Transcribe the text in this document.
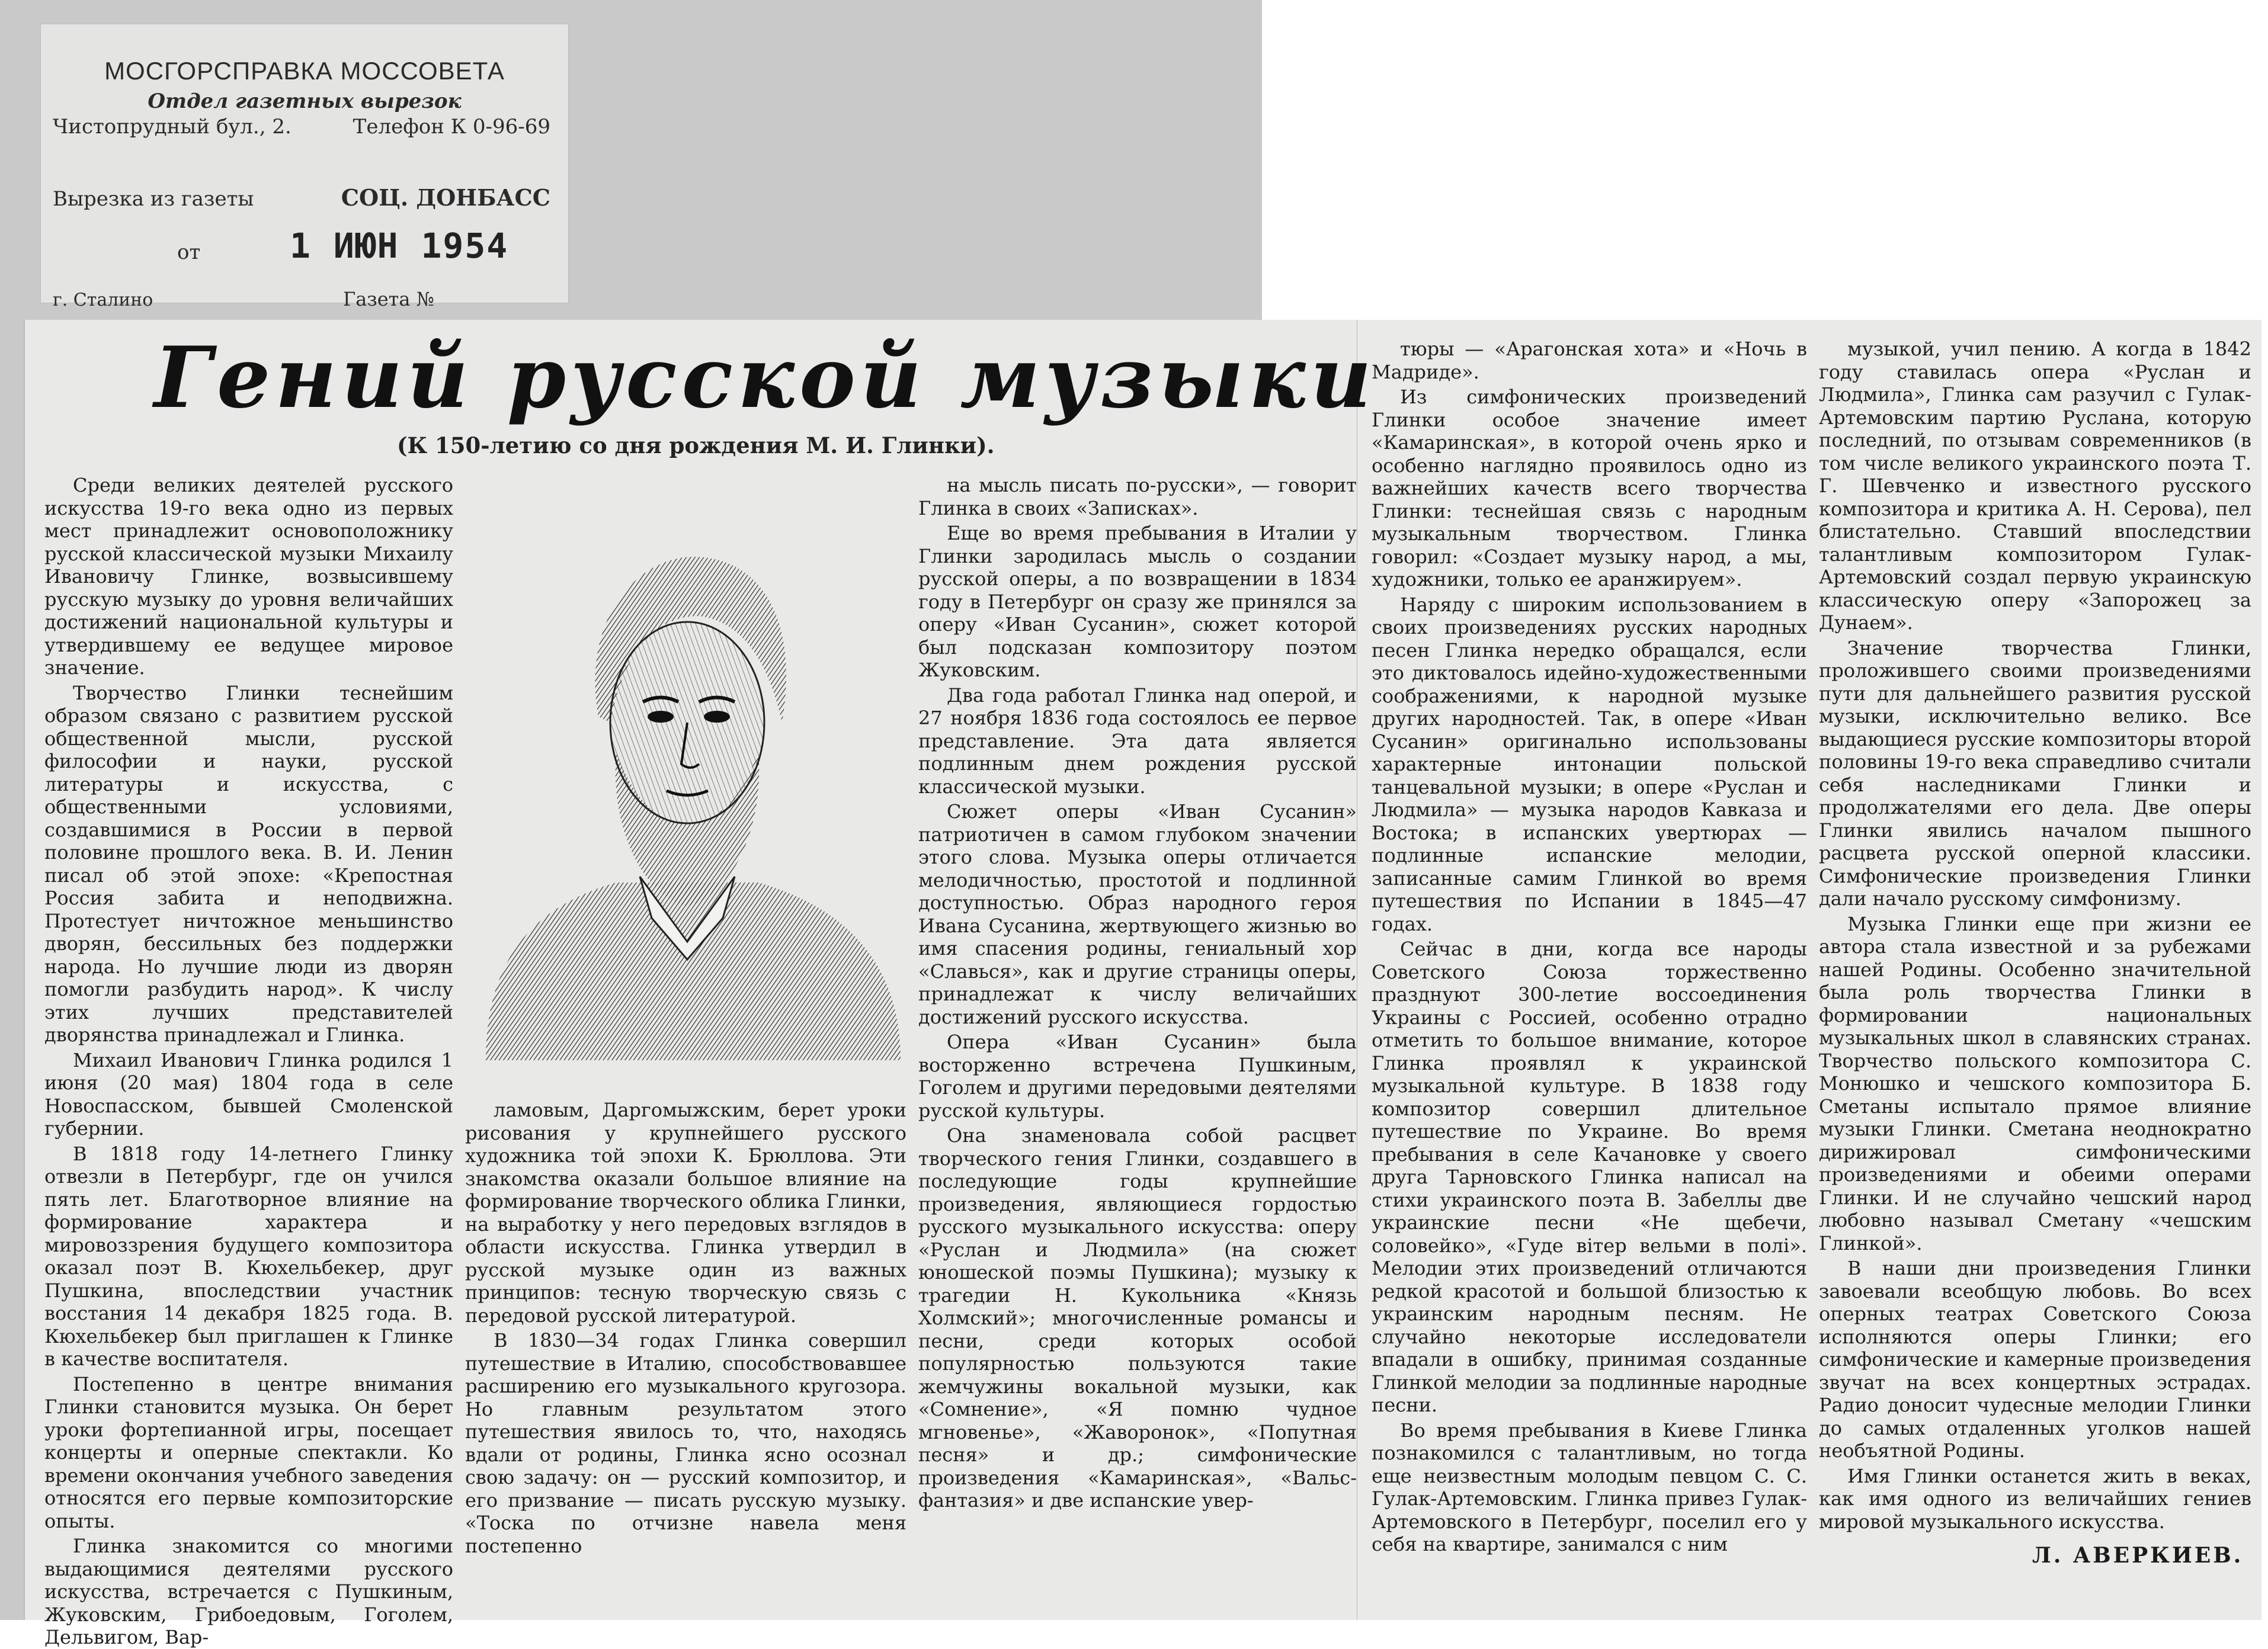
МОСГОРСПРАВКА МОССОВЕТА
Отдел газетных вырезок
Чистопрудный бул., 2.	Телефон К 0-96-69
Вырезка из газеты	СОЦ. ДОНБАСС
от	1 ИЮН 1954
г. Сталино	Газета №
Гений русской музыки
(К 150-летию со дня рождения М. И. Глинки).

Среди великих деятелей русского искусства 19-го века одно из первых мест принадлежит основоположнику русской классической музыки Михаилу Ивановичу Глинке, возвысившему русскую музыку до уровня величайших достижений национальной культуры и утвердившему ее ведущее мировое значение.

Творчество Глинки теснейшим образом связано с развитием русской общественной мысли, русской философии и науки, русской литературы и искусства, с общественными условиями, создавшимися в России в первой половине прошлого века. В. И. Ленин писал об этой эпохе: «Крепостная Россия забита и неподвижна. Протестует ничтожное меньшинство дворян, бессильных без поддержки народа. Но лучшие люди из дворян помогли разбудить народ». К числу этих лучших представителей дворянства принадлежал и Глинка.

Михаил Иванович Глинка родился 1 июня (20 мая) 1804 года в селе Новоспасском, бывшей Смоленской губернии.

В 1818 году 14-летнего Глинку отвезли в Петербург, где он учился пять лет. Благотворное влияние на формирование характера и мировоззрения будущего композитора оказал поэт В. Кюхельбекер, друг Пушкина, впоследствии участник восстания 14 декабря 1825 года. В. Кюхельбекер был приглашен к Глинке в качестве воспитателя.

Постепенно в центре внимания Глинки становится музыка. Он берет уроки фортепианной игры, посещает концерты и оперные спектакли. Ко времени окончания учебного заведения относятся его первые композиторские опыты.

Глинка знакомится со многими выдающимися деятелями русского искусства, встречается с Пушкиным, Жуковским, Грибоедовым, Гоголем, Дельвигом, Вар-

ламовым, Даргомыжским, берет уроки рисования у крупнейшего русского художника той эпохи К. Брюллова. Эти знакомства оказали большое влияние на формирование творческого облика Глинки, на выработку у него передовых взглядов в области искусства. Глинка утвердил в русской музыке один из важных принципов: тесную творческую связь с передовой русской литературой.

В 1830—34 годах Глинка совершил путешествие в Италию, способствовавшее расширению его музыкального кругозора. Но главным результатом этого путешествия явилось то, что, находясь вдали от родины, Глинка ясно осознал свою задачу: он — русский композитор, и его призвание — писать русскую музыку. «Тоска по отчизне навела меня постепенно

на мысль писать по-русски», — говорит Глинка в своих «Записках».

Еще во время пребывания в Италии у Глинки зародилась мысль о создании русской оперы, а по возвращении в 1834 году в Петербург он сразу же принялся за оперу «Иван Сусанин», сюжет которой был подсказан композитору поэтом Жуковским.

Два года работал Глинка над оперой, и 27 ноября 1836 года состоялось ее первое представление. Эта дата является подлинным днем рождения русской классической музыки.

Сюжет оперы «Иван Сусанин» патриотичен в самом глубоком значении этого слова. Музыка оперы отличается мелодичностью, простотой и подлинной доступностью. Образ народного героя Ивана Сусанина, жертвующего жизнью во имя спасения родины, гениальный хор «Славься», как и другие страницы оперы, принадлежат к числу величайших достижений русского искусства.

Опера «Иван Сусанин» была восторженно встречена Пушкиным, Гоголем и другими передовыми деятелями русской культуры.

Она знаменовала собой расцвет творческого гения Глинки, создавшего в последующие годы крупнейшие произведения, являющиеся гордостью русского музыкального искусства: оперу «Руслан и Людмила» (на сюжет юношеской поэмы Пушкина); музыку к трагедии Н. Кукольника «Князь Холмский»; многочисленные романсы и песни, среди которых особой популярностью пользуются такие жемчужины вокальной музыки, как «Сомнение», «Я помню чудное мгновенье», «Жаворонок», «Попутная песня» и др.; симфонические произведения «Камаринская», «Вальс-фантазия» и две испанские увер-

тюры — «Арагонская хота» и «Ночь в Мадриде».

Из симфонических произведений Глинки особое значение имеет «Камаринская», в которой очень ярко и особенно наглядно проявилось одно из важнейших качеств всего творчества Глинки: теснейшая связь с народным музыкальным творчеством. Глинка говорил: «Создает музыку народ, а мы, художники, только ее аранжируем».

Наряду с широким использованием в своих произведениях русских народных песен Глинка нередко обращался, если это диктовалось идейно-художественными соображениями, к народной музыке других народностей. Так, в опере «Иван Сусанин» оригинально использованы характерные интонации польской танцевальной музыки; в опере «Руслан и Людмила» — музыка народов Кавказа и Востока; в испанских увертюрах — подлинные испанские мелодии, записанные самим Глинкой во время путешествия по Испании в 1845—47 годах.

Сейчас в дни, когда все народы Советского Союза торжественно празднуют 300-летие воссоединения Украины с Россией, особенно отрадно отметить то большое внимание, которое Глинка проявлял к украинской музыкальной культуре. В 1838 году композитор совершил длительное путешествие по Украине. Во время пребывания в селе Качановке у своего друга Тарновского Глинка написал на стихи украинского поэта В. Забеллы две украинские песни «Не щебечи, соловейко», «Гуде вітер вельми в полі». Мелодии этих произведений отличаются редкой красотой и большой близостью к украинским народным песням. Не случайно некоторые исследователи впадали в ошибку, принимая созданные Глинкой мелодии за подлинные народные песни.

Во время пребывания в Киеве Глинка познакомился с талантливым, но тогда еще неизвестным молодым певцом С. С. Гулак-Артемовским. Глинка привез Гулак-Артемовского в Петербург, поселил его у себя на квартире, занимался с ним

музыкой, учил пению. А когда в 1842 году ставилась опера «Руслан и Людмила», Глинка сам разучил с Гулак-Артемовским партию Руслана, которую последний, по отзывам современников (в том числе великого украинского поэта Т. Г. Шевченко и известного русского композитора и критика А. Н. Серова), пел блистательно. Ставший впоследствии талантливым композитором Гулак-Артемовский создал первую украинскую классическую оперу «Запорожец за Дунаем».

Значение творчества Глинки, проложившего своими произведениями пути для дальнейшего развития русской музыки, исключительно велико. Все выдающиеся русские композиторы второй половины 19-го века справедливо считали себя наследниками Глинки и продолжателями его дела. Две оперы Глинки явились началом пышного расцвета русской оперной классики. Симфонические произведения Глинки дали начало русскому симфонизму.

Музыка Глинки еще при жизни ее автора стала известной и за рубежами нашей Родины. Особенно значительной была роль творчества Глинки в формировании национальных музыкальных школ в славянских странах. Творчество польского композитора С. Монюшко и чешского композитора Б. Сметаны испытало прямое влияние музыки Глинки. Сметана неоднократно дирижировал симфоническими произведениями и обеими операми Глинки. И не случайно чешский народ любовно называл Сметану «чешским Глинкой».

В наши дни произведения Глинки завоевали всеобщую любовь. Во всех оперных театрах Советского Союза исполняются оперы Глинки; его симфонические и камерные произведения звучат на всех концертных эстрадах. Радио доносит чудесные мелодии Глинки до самых отдаленных уголков нашей необъятной Родины.

Имя Глинки останется жить в веках, как имя одного из величайших гениев мировой музыкального искусства.

Л. АВЕРКИЕВ.
